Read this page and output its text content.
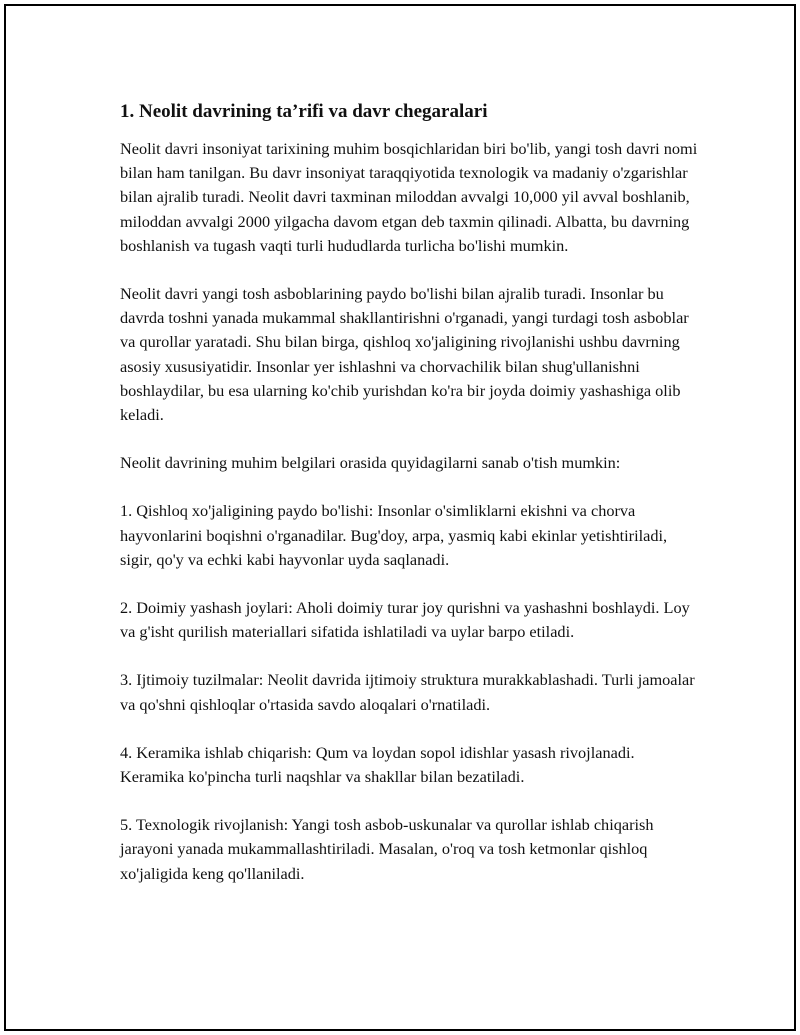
1. Neolit davrining ta’rifi va davr chegaralari

Neolit davri insoniyat tarixining muhim bosqichlaridan biri bo'lib, yangi tosh davri nomi bilan ham tanilgan. Bu davr insoniyat taraqqiyotida texnologik va madaniy o'zgarishlar bilan ajralib turadi. Neolit davri taxminan miloddan avvalgi 10,000 yil avval boshlanib, miloddan avvalgi 2000 yilgacha davom etgan deb taxmin qilinadi. Albatta, bu davrning boshlanish va tugash vaqti turli hududlarda turlicha bo'lishi mumkin.

Neolit davri yangi tosh asboblarining paydo bo'lishi bilan ajralib turadi. Insonlar bu davrda toshni yanada mukammal shakllantirishni o'rganadi, yangi turdagi tosh asboblar va qurollar yaratadi. Shu bilan birga, qishloq xo'jaligining rivojlanishi ushbu davrning asosiy xususiyatidir. Insonlar yer ishlashni va chorvachilik bilan shug'ullanishni boshlaydilar, bu esa ularning ko'chib yurishdan ko'ra bir joyda doimiy yashashiga olib keladi.

Neolit davrining muhim belgilari orasida quyidagilarni sanab o'tish mumkin:

1. Qishloq xo'jaligining paydo bo'lishi: Insonlar o'simliklarni ekishni va chorva hayvonlarini boqishni o'rganadilar. Bug'doy, arpa, yasmiq kabi ekinlar yetishtiriladi, sigir, qo'y va echki kabi hayvonlar uyda saqlanadi.

2. Doimiy yashash joylari: Aholi doimiy turar joy qurishni va yashashni boshlaydi. Loy va g'isht qurilish materiallari sifatida ishlatiladi va uylar barpo etiladi.

3. Ijtimoiy tuzilmalar: Neolit davrida ijtimoiy struktura murakkablashadi. Turli jamoalar va qo'shni qishloqlar o'rtasida savdo aloqalari o'rnatiladi.

4. Keramika ishlab chiqarish: Qum va loydan sopol idishlar yasash rivojlanadi. Keramika ko'pincha turli naqshlar va shakllar bilan bezatiladi.

5. Texnologik rivojlanish: Yangi tosh asbob-uskunalar va qurollar ishlab chiqarish jarayoni yanada mukammallashtiriladi. Masalan, o'roq va tosh ketmonlar qishloq xo'jaligida keng qo'llaniladi.
